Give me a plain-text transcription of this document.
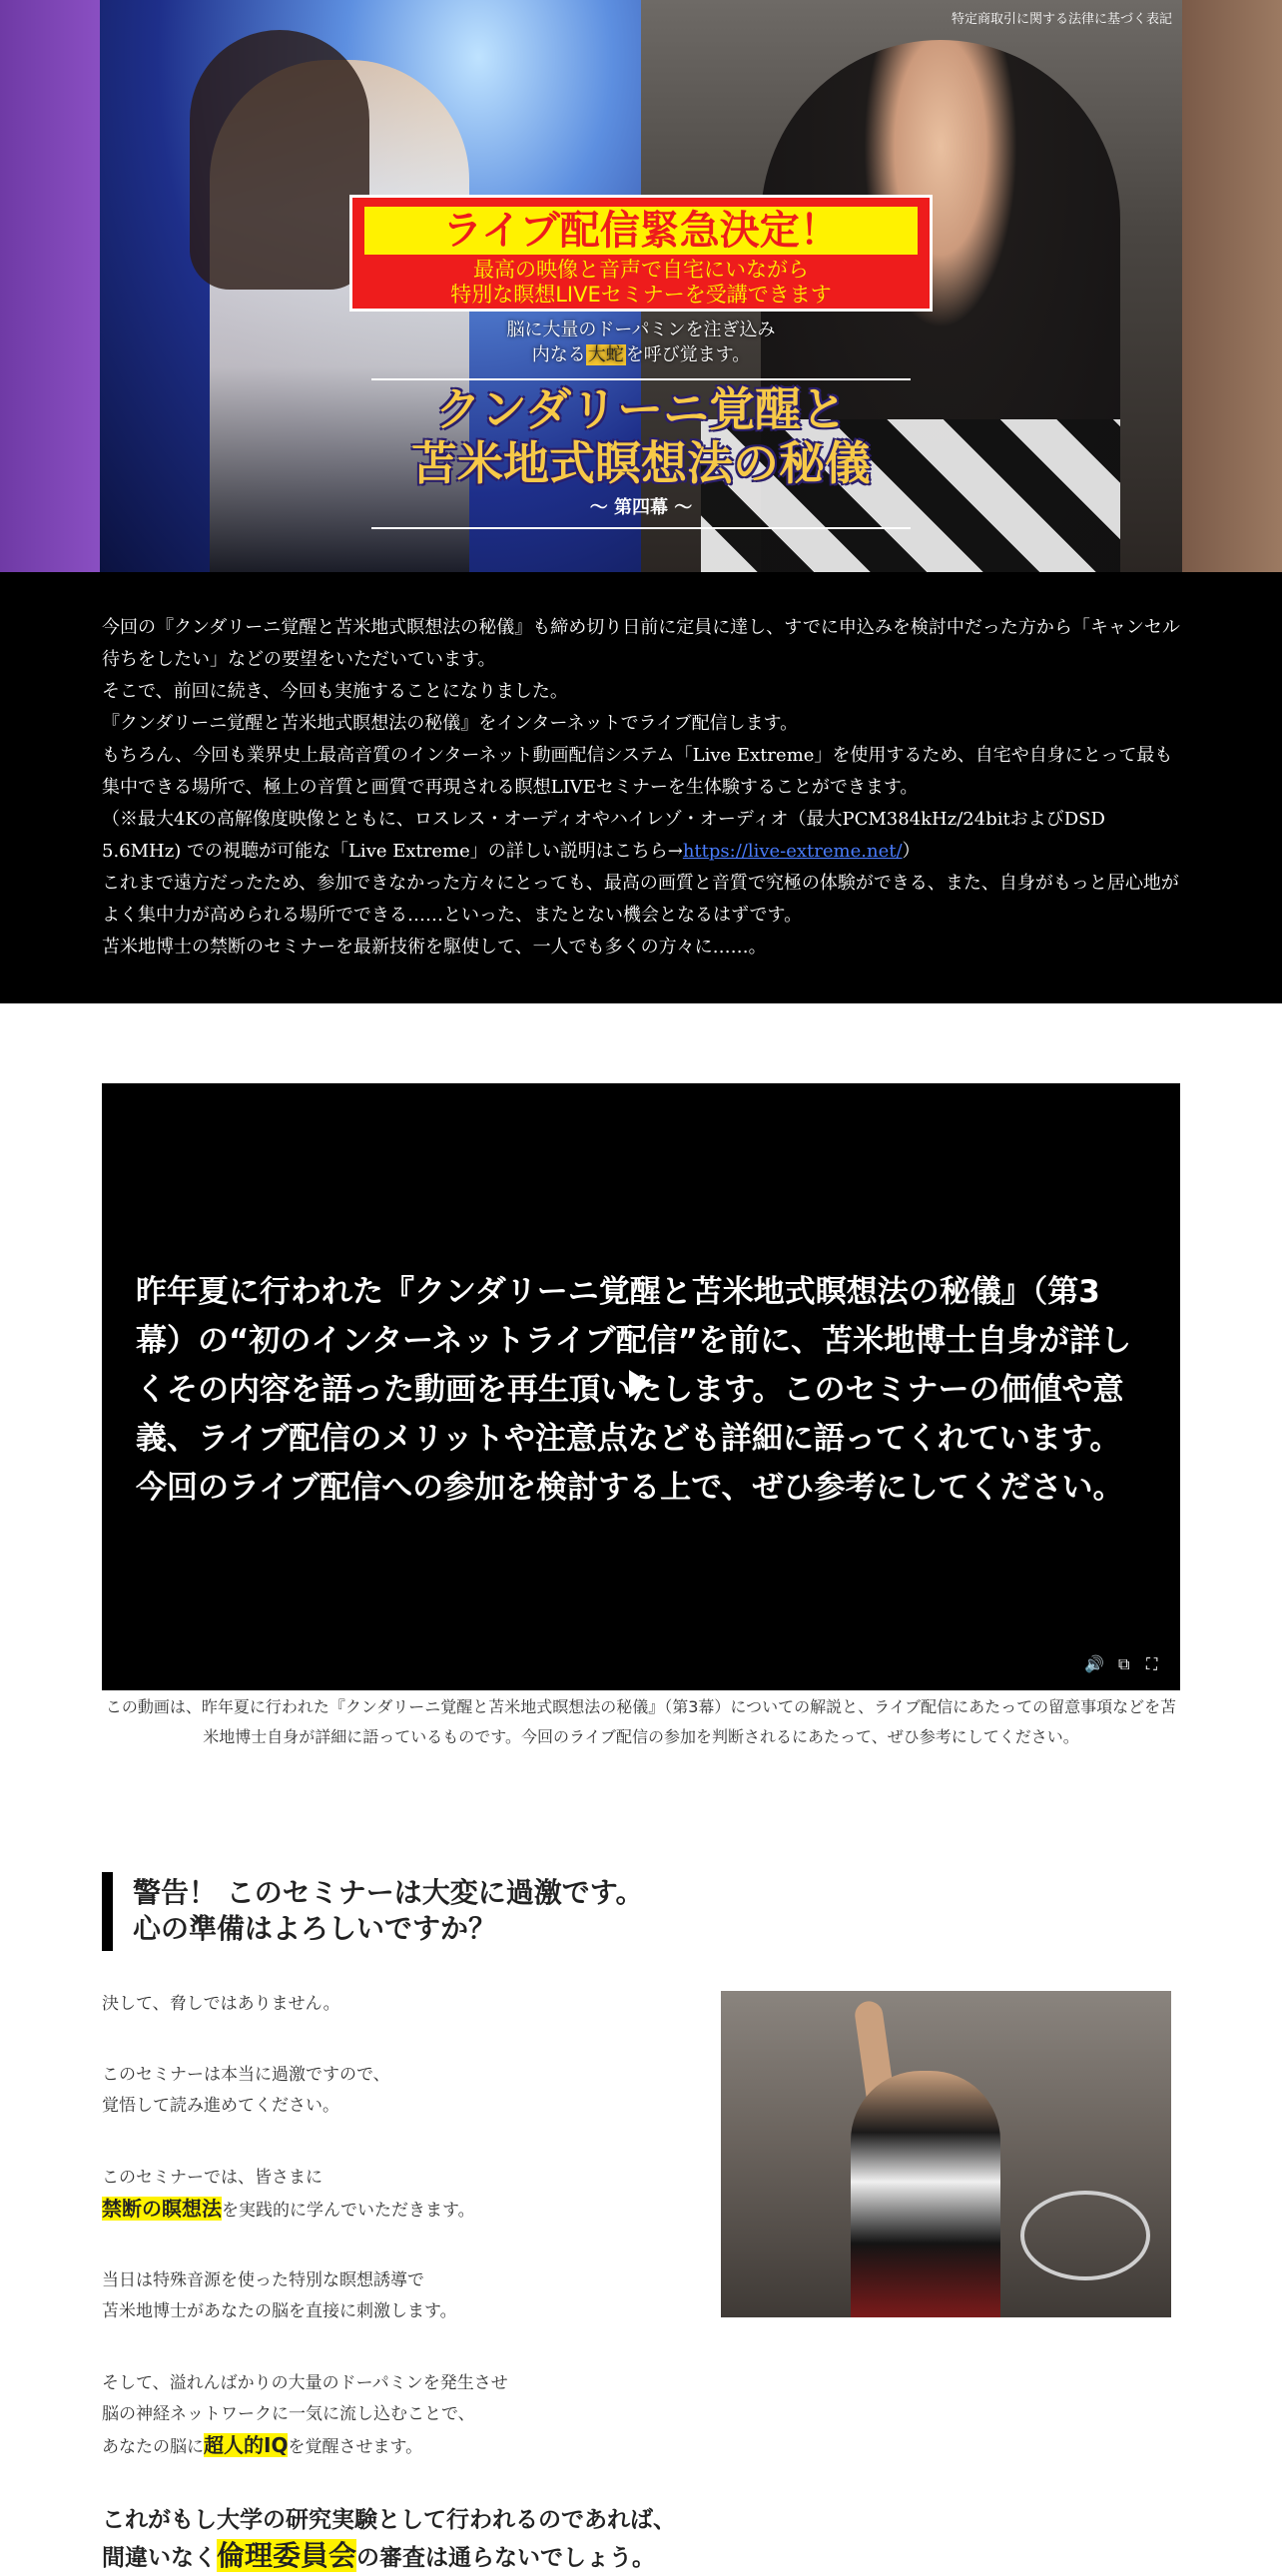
特定商取引に関する法律に基づく表記
ライブ配信緊急決定！
最高の映像と音声で自宅にいながら
特別な瞑想LIVEセミナーを受講できます
脳に大量のドーパミンを注ぎ込み
内なる 大蛇 を呼び覚ます。
クンダリーニ覚醒と
苫米地式瞑想法の秘儀
～ 第四幕 ～

今回の『クンダリーニ覚醒と苫米地式瞑想法の秘儀』も締め切り日前に定員に達し、すでに申込みを検討中だった方から「キャンセル待ちをしたい」などの要望をいただいています。

そこで、前回に続き、今回も実施することになりました。

『クンダリーニ覚醒と苫米地式瞑想法の秘儀』をインターネットでライブ配信します。

もちろん、今回も業界史上最高音質のインターネット動画配信システム「Live Extreme」を使用するため、自宅や自身にとって最も集中できる場所で、極上の音質と画質で再現される瞑想LIVEセミナーを生体験することができます。

（※最大4Kの高解像度映像とともに、ロスレス・オーディオやハイレゾ・オーディオ（最大PCM384kHz/24bitおよびDSD 5.6MHz) での視聴が可能な「Live Extreme」の詳しい説明はこちら→https://live-extreme.net/）

これまで遠方だったため、参加できなかった方々にとっても、最高の画質と音質で究極の体験ができる、また、自身がもっと居心地がよく集中力が高められる場所でできる……といった、またとない機会となるはずです。

苫米地博士の禁断のセミナーを最新技術を駆使して、一人でも多くの方々に……。

昨年夏に行われた『クンダリーニ覚醒と苫米地式瞑想法の秘儀』（第3幕）の“初のインターネットライブ配信”を前に、苫米地博士自身が詳しくその内容を語った動画を再生頂いたします。このセミナーの価値や意義、ライブ配信のメリットや注意点なども詳細に語ってくれています。今回のライブ配信への参加を検討する上で、ぜひ参考にしてください。
🔊 ⧉ ⛶
この動画は、昨年夏に行われた『クンダリーニ覚醒と苫米地式瞑想法の秘儀』（第3幕）についての解説と、ライブ配信にあたっての留意事項などを苫米地博士自身が詳細に語っているものです。今回のライブ配信の参加を判断されるにあたって、ぜひ参考にしてください。
警告！ このセミナーは大変に過激です。
心の準備はよろしいですか？
決して、脅しではありません。
このセミナーは本当に過激ですので、
覚悟して読み進めてください。
このセミナーでは、皆さまに
禁断の瞑想法を実践的に学んでいただきます。
当日は特殊音源を使った特別な瞑想誘導で
苫米地博士があなたの脳を直接に刺激します。
そして、溢れんばかりの大量のドーパミンを発生させ
脳の神経ネットワークに一気に流し込むことで、
あなたの脳に超人的IQを覚醒させます。
これがもし大学の研究実験として行われるのであれば、
間違いなく倫理委員会の審査は通らないでしょう。
